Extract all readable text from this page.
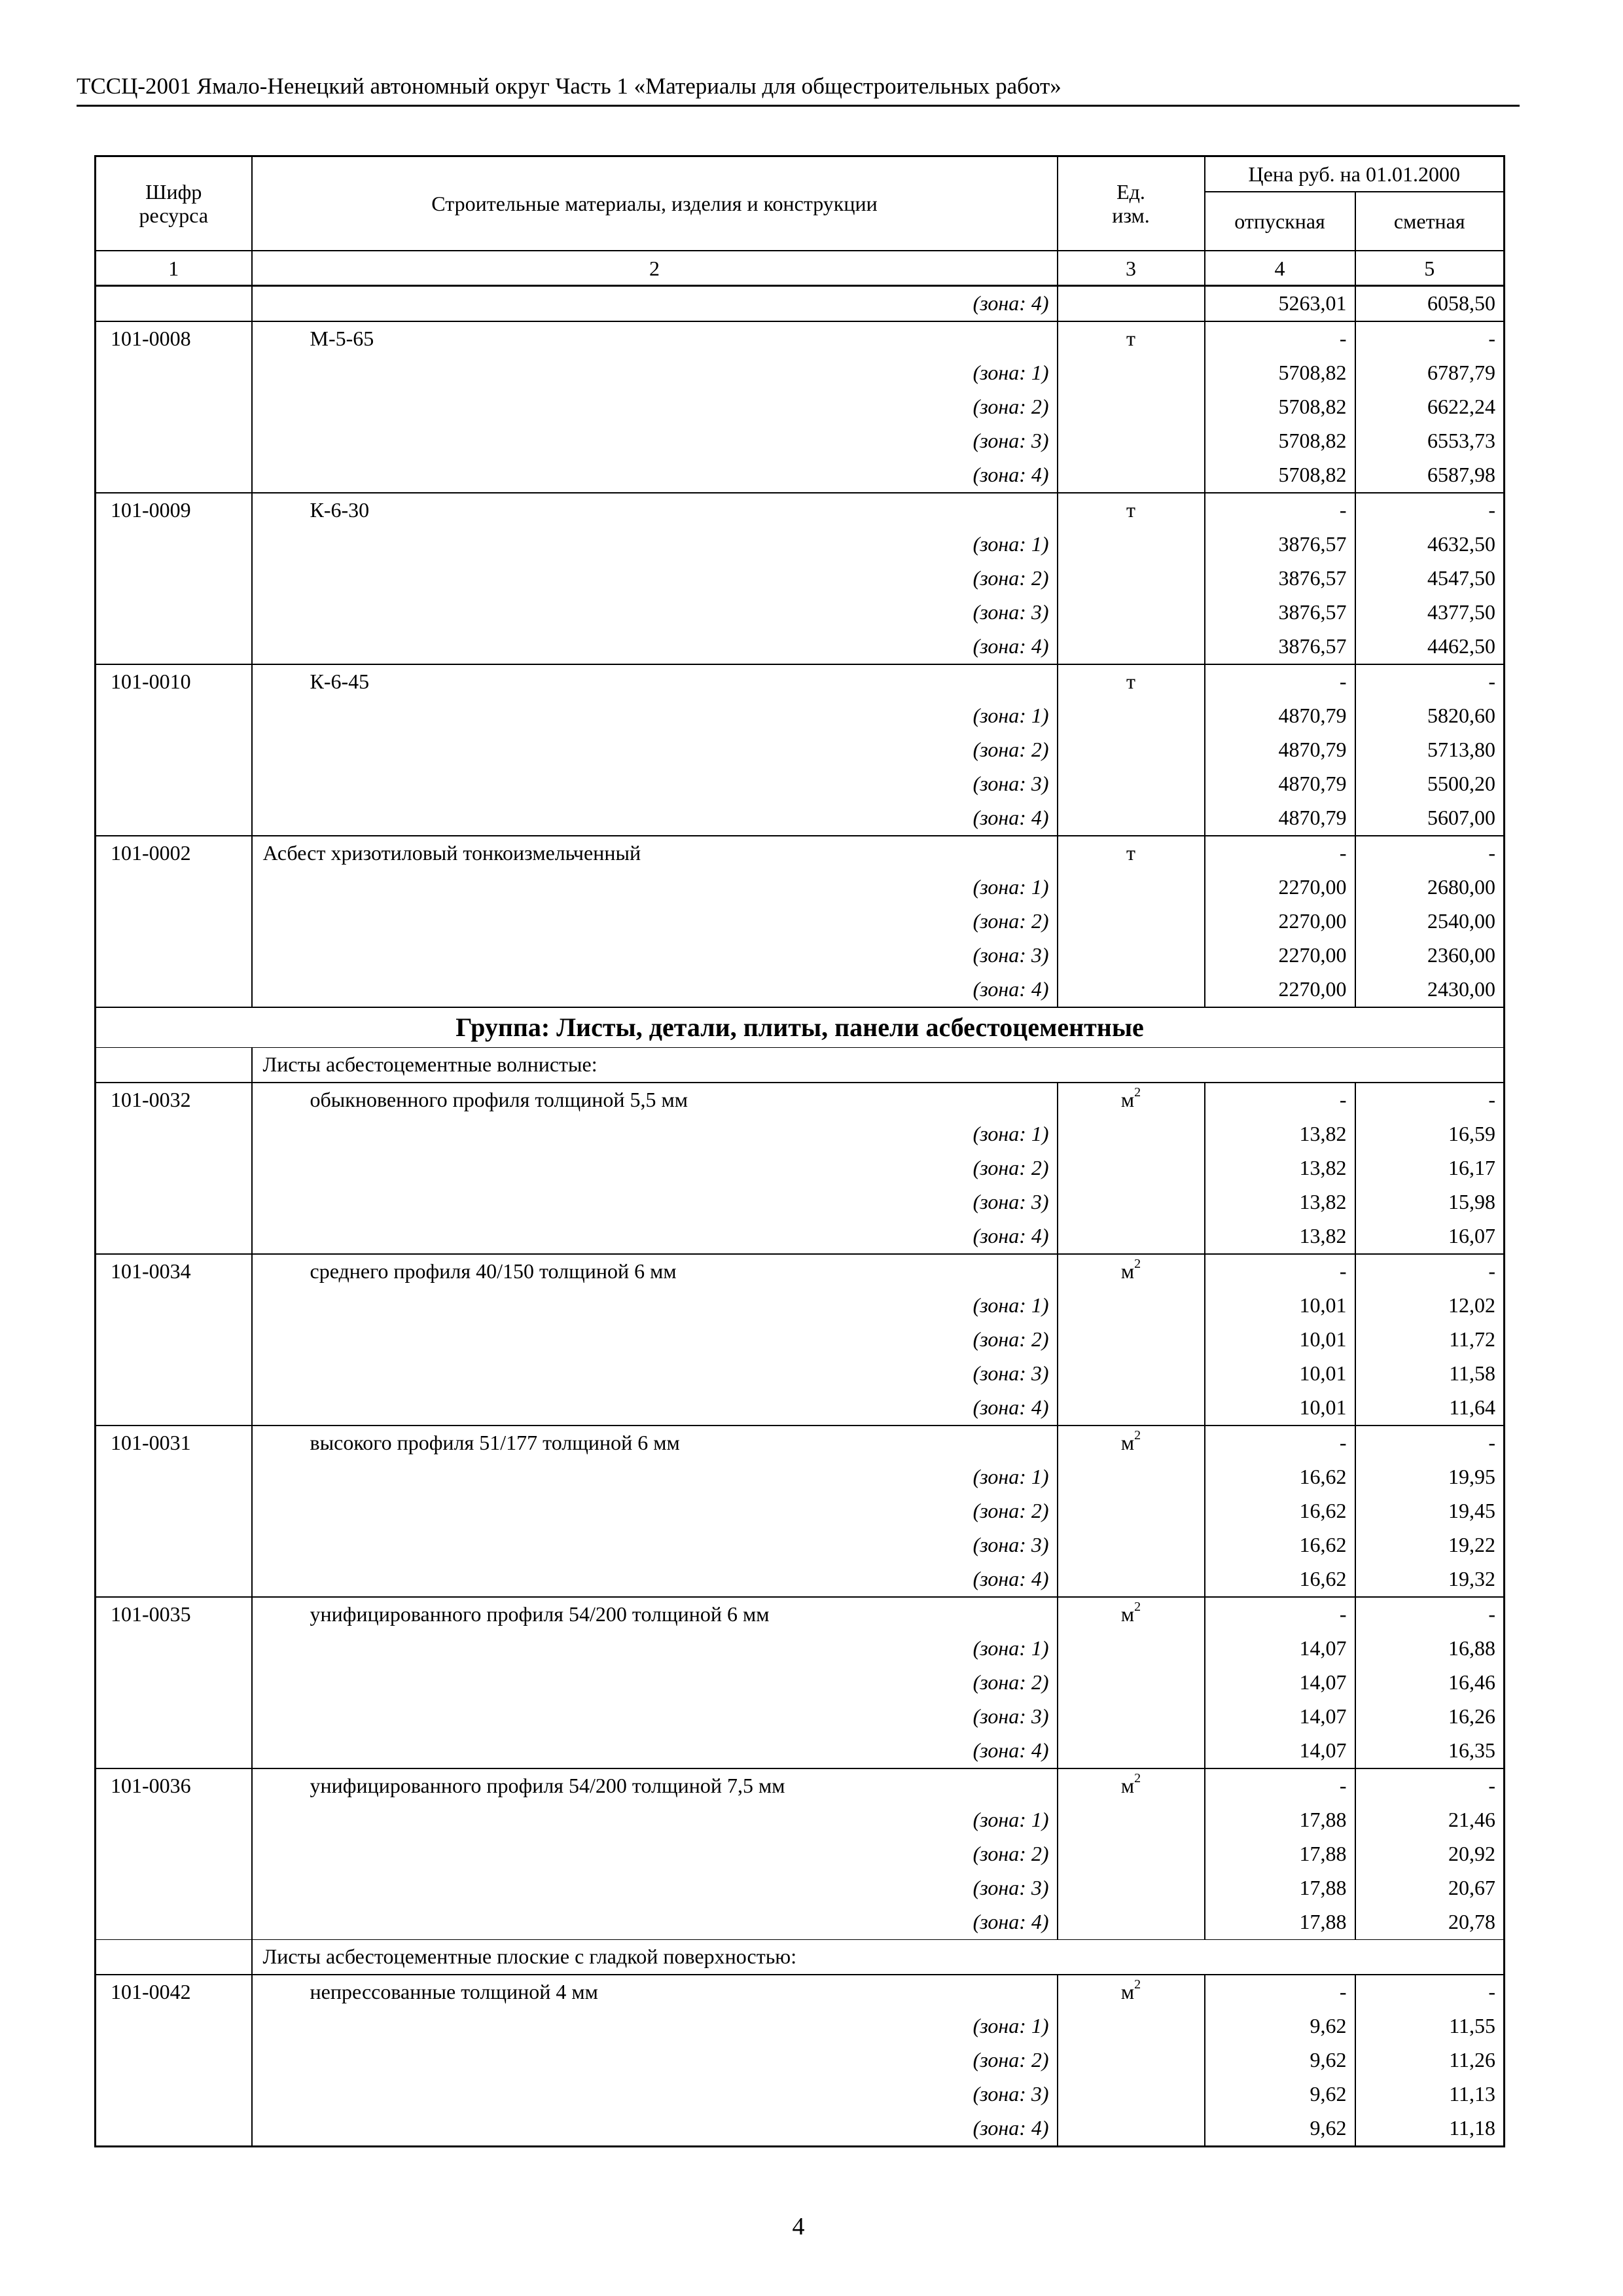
ТССЦ-2001 Ямало-Ненецкий автономный округ Часть 1 «Материалы для общестроительных работ»
Шифр ресурса	Строительные материалы, изделия и конструкции	Ед. изм.	Цена руб. на 01.01.2000	
			отпускная	сметная
1	2	3	4	5
	(зона: 4)		5263,01	6058,50
101-0008	М-5-65	т	-	-
	(зона: 1)		5708,82	6787,79
	(зона: 2)		5708,82	6622,24
	(зона: 3)		5708,82	6553,73
	(зона: 4)		5708,82	6587,98
101-0009	К-6-30	т	-	-
	(зона: 1)		3876,57	4632,50
	(зона: 2)		3876,57	4547,50
	(зона: 3)		3876,57	4377,50
	(зона: 4)		3876,57	4462,50
101-0010	К-6-45	т	-	-
	(зона: 1)		4870,79	5820,60
	(зона: 2)		4870,79	5713,80
	(зона: 3)		4870,79	5500,20
	(зона: 4)		4870,79	5607,00
101-0002	Асбест хризотиловый тонкоизмельченный	т	-	-
	(зона: 1)		2270,00	2680,00
	(зона: 2)		2270,00	2540,00
	(зона: 3)		2270,00	2360,00
	(зона: 4)		2270,00	2430,00
Группа: Листы, детали, плиты, панели асбестоцементные				
	Листы асбестоцементные волнистые:			
101-0032	обыкновенного профиля толщиной 5,5 мм	$м^2$	-	-
	(зона: 1)		13,82	16,59
	(зона: 2)		13,82	16,17
	(зона: 3)		13,82	15,98
	(зона: 4)		13,82	16,07
101-0034	среднего профиля 40/150 толщиной 6 мм	$м^2$	-	-
	(зона: 1)		10,01	12,02
	(зона: 2)		10,01	11,72
	(зона: 3)		10,01	11,58
	(зона: 4)		10,01	11,64
101-0031	высокого профиля 51/177 толщиной 6 мм	$м^2$	-	-
	(зона: 1)		16,62	19,95
	(зона: 2)		16,62	19,45
	(зона: 3)		16,62	19,22
	(зона: 4)		16,62	19,32
101-0035	унифицированного профиля 54/200 толщиной 6 мм	$м^2$	-	-
	(зона: 1)		14,07	16,88
	(зона: 2)		14,07	16,46
	(зона: 3)		14,07	16,26
	(зона: 4)		14,07	16,35
101-0036	унифицированного профиля 54/200 толщиной 7,5 мм	$м^2$	-	-
	(зона: 1)		17,88	21,46
	(зона: 2)		17,88	20,92
	(зона: 3)		17,88	20,67
	(зона: 4)		17,88	20,78
	Листы асбестоцементные плоские с гладкой поверхностью:			
101-0042	непрессованные толщиной 4 мм	$м^2$	-	-
	(зона: 1)		9,62	11,55
	(зона: 2)		9,62	11,26
	(зона: 3)		9,62	11,13
	(зона: 4)		9,62	11,18
4
